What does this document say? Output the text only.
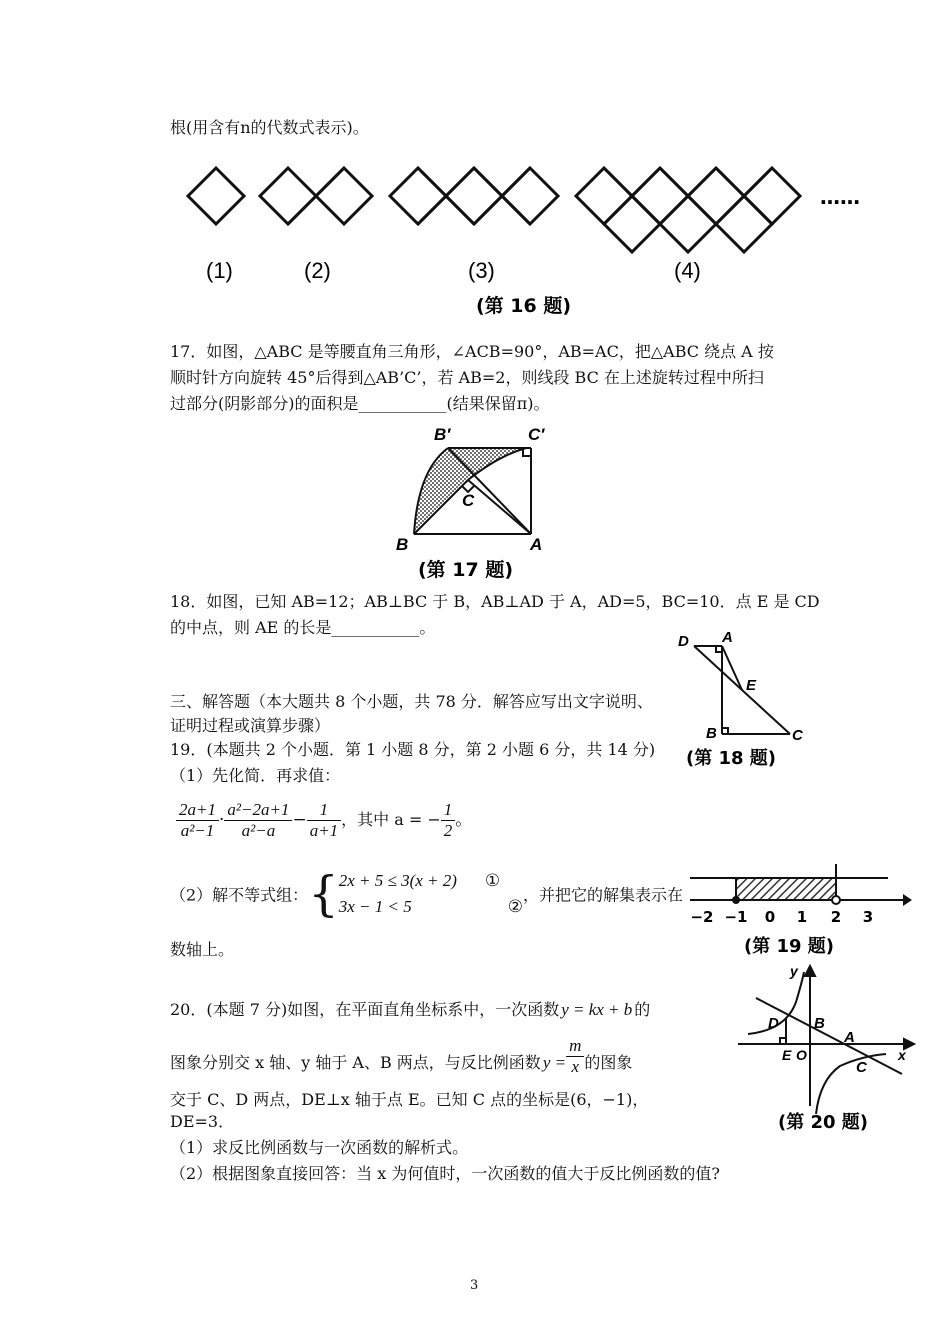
根(用含有n的代数式表示)。
(1)	(2)	(3)	(4)
……
(第 16 题)
17．如图，△ABC 是等腰直角三角形，∠ACB=90°，AB=AC，把△ABC 绕点 A 按
顺时针方向旋转 45°后得到△AB’C’，若 AB=2，则线段 BC 在上述旋转过程中所扫
过部分(阴影部分)的面积是___________(结果保留π)。
B′	C′
C
B	A
(第 17 题)
18．如图，已知 AB=12；AB⊥BC 于 B，AB⊥AD 于 A，AD=5，BC=10．点 E 是 CD
的中点，则 AE 的长是___________。
D A
E
B	C
(第 18 题)
三、解答题（本大题共 8 个小题，共 78 分．解答应写出文字说明、
证明过程或演算步骤）
19．(本题共 2 个小题．第 1 小题 8 分，第 2 小题 6 分，共 14 分)
（1）先化简．再求值：
$\frac{2a+1}{\text{a²−1}} \cdot \frac{\text{a²−2a+1}}{\text{a²−a}} - \frac{1}{a+1}$ ，其中 a = − $\frac{1}{2}$ 。
（2）解不等式组：{2x + 5 ≤ 3(x + 2) ①
3x − 1 < 5	②，并把它的解集表示在
数轴上。
−2 −1 0 1 2 3
(第 19 题)
20．(本题 7 分)如图，在平面直角坐标系中，一次函数 y = kx + b 的
图象分别交 x 轴、y 轴于 A、B 两点，与反比例函数 $y = \frac{m}{x}$ 的图象
交于 C、D 两点，DE⊥x 轴于点 E。已知 C 点的坐标是(6，−1)，
DE=3．
（1）求反比例函数与一次函数的解析式。
（2）根据图象直接回答：当 x 为何值时，一次函数的值大于反比例函数的值?
y
x
D B
A
E O
C
(第 20 题)
3
